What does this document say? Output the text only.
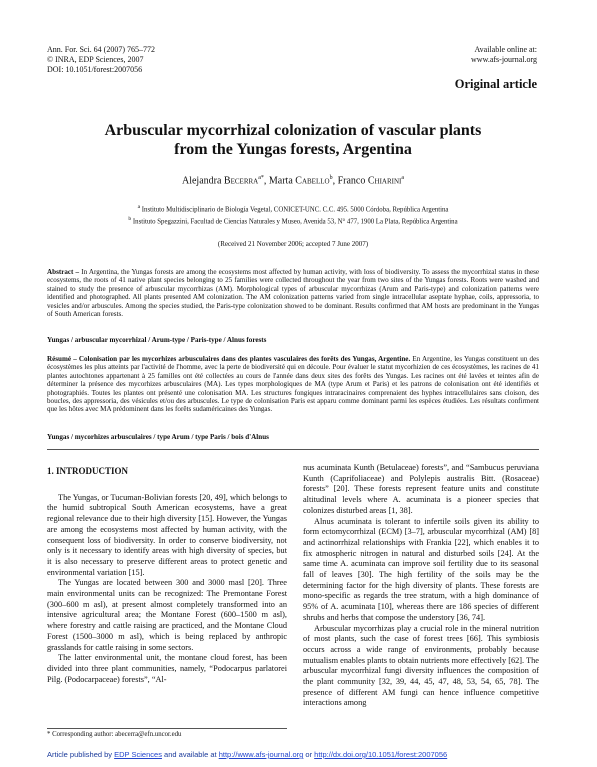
Ann. For. Sci. 64 (2007) 765–772
© INRA, EDP Sciences, 2007
DOI: 10.1051/forest:2007056
Available online at:
www.afs-journal.org
Original article
Arbuscular mycorrhizal colonization of vascular plants
from the Yungas forests, Argentina
Alejandra Becerra$^{a*}$, Marta Cabello$^b$, Franco Chiarini$^a$
$^a$ Instituto Multidisciplinario de Biología Vegetal, CONICET-UNC. C.C. 495. 5000 Córdoba, República Argentina
$^b$ Instituto Spegazzini, Facultad de Ciencias Naturales y Museo, Avenida 53, N° 477, 1900 La Plata, República Argentina
(Received 21 November 2006; accepted 7 June 2007)
Abstract – In Argentina, the Yungas forests are among the ecosystems most affected by human activity, with loss of biodiversity. To assess the mycorrhizal status in these ecosystems, the roots of 41 native plant species belonging to 25 families were collected throughout the year from two sites of the Yungas forests. Roots were washed and stained to study the presence of arbuscular mycorrhizas (AM). Morphological types of arbuscular mycorrhizas (Arum and Paris-type) and colonization patterns were identified and photographed. All plants presented AM colonization. The AM colonization patterns varied from single intracellular aseptate hyphae, coils, appressoria, to vesicles and/or arbuscules. Among the species studied, the Paris-type colonization showed to be dominant. Results confirmed that AM hosts are predominant in the Yungas of South American forests.
Yungas / arbuscular mycorrhizal / Arum-type / Paris-type / Alnus forests
Résumé – Colonisation par les mycorhizes arbusculaires dans des plantes vasculaires des forêts des Yungas, Argentine. En Argentine, les Yungas constituent un des écosystèmes les plus atteints par l'activité de l'homme, avec la perte de biodiversité qui en découle. Pour évaluer le statut mycorhizien de ces écosystèmes, les racines de 41 plantes autochtones appartenant à 25 familles ont été collectées au cours de l'année dans deux sites des forêts des Yungas. Les racines ont été lavées et teintes afin de déterminer la présence des mycorhizes arbusculaires (MA). Les types morphologiques de MA (type Arum et Paris) et les patrons de colonisation ont été identifiés et photographiés. Toutes les plantes ont présenté une colonisation MA. Les structures fongiques intraracinaires comprenaient des hyphes intracellulaires sans cloison, des boucles, des appressoria, des vésicules et/ou des arbuscules. Le type de colonisation Paris est apparu comme dominant parmi les espèces étudiées. Les résultats confirment que les hôtes avec MA prédominent dans les forêts sudaméricaines des Yungas.
Yungas / mycorhizes arbusculaires / type Arum / type Paris / bois d'Alnus

1. INTRODUCTION

The Yungas, or Tucuman-Bolivian forests [20, 49], which belongs to the humid subtropical South American ecosystems, have a great regional relevance due to their high diversity [15]. However, the Yungas are among the ecosystems most affected by human activity, with the consequent loss of biodiversity. In order to conserve biodiversity, not only is it necessary to identify areas with high diversity of species, but it is also necessary to preserve different areas to protect genetic and environmental variation [15].

The Yungas are located between 300 and 3000 masl [20]. Three main environmental units can be recognized: The Premontane Forest (300–600 m asl), at present almost completely transformed into an intensive agricultural area; the Montane Forest (600–1500 m asl), where forestry and cattle raising are practiced, and the Montane Cloud Forest (1500–3000 m asl), which is being replaced by anthropic grasslands for cattle raising in some sectors.

The latter environmental unit, the montane cloud forest, has been divided into three plant communities, namely, “Podocarpus parlatorei Pilg. (Podocarpaceae) forests”, “Al-

nus acuminata Kunth (Betulaceae) forests”, and “Sambucus peruviana Kunth (Caprifoliaceae) and Polylepis australis Bitt. (Rosaceae) forests” [20]. These forests represent feature units and constitute altitudinal levels where A. acuminata is a pioneer species that colonizes disturbed areas [1, 38].

Alnus acuminata is tolerant to infertile soils given its ability to form ectomycorrhizal (ECM) [3–7], arbuscular mycorrhizal (AM) [8] and actinorrhizal relationships with Frankia [22], which enables it to fix atmospheric nitrogen in natural and disturbed soils [24]. At the same time A. acuminata can improve soil fertility due to its seasonal fall of leaves [30]. The high fertility of the soils may be the determining factor for the high diversity of plants. These forests are mono-specific as regards the tree stratum, with a high dominance of 95% of A. acuminata [10], whereas there are 186 species of different shrubs and herbs that compose the understory [36, 74].

Arbuscular mycorrhizas play a crucial role in the mineral nutrition of most plants, such the case of forest trees [66]. This symbiosis occurs across a wide range of environments, probably because mutualism enables plants to obtain nutrients more effectively [62]. The arbuscular mycorrhizal fungi diversity influences the composition of the plant community [32, 39, 44, 45, 47, 48, 53, 54, 65, 78]. The presence of different AM fungi can hence influence competitive interactions among

* Corresponding author: abecerra@efn.uncor.edu
Article published by EDP Sciences and available at http://www.afs-journal.org or http://dx.doi.org/10.1051/forest:2007056
